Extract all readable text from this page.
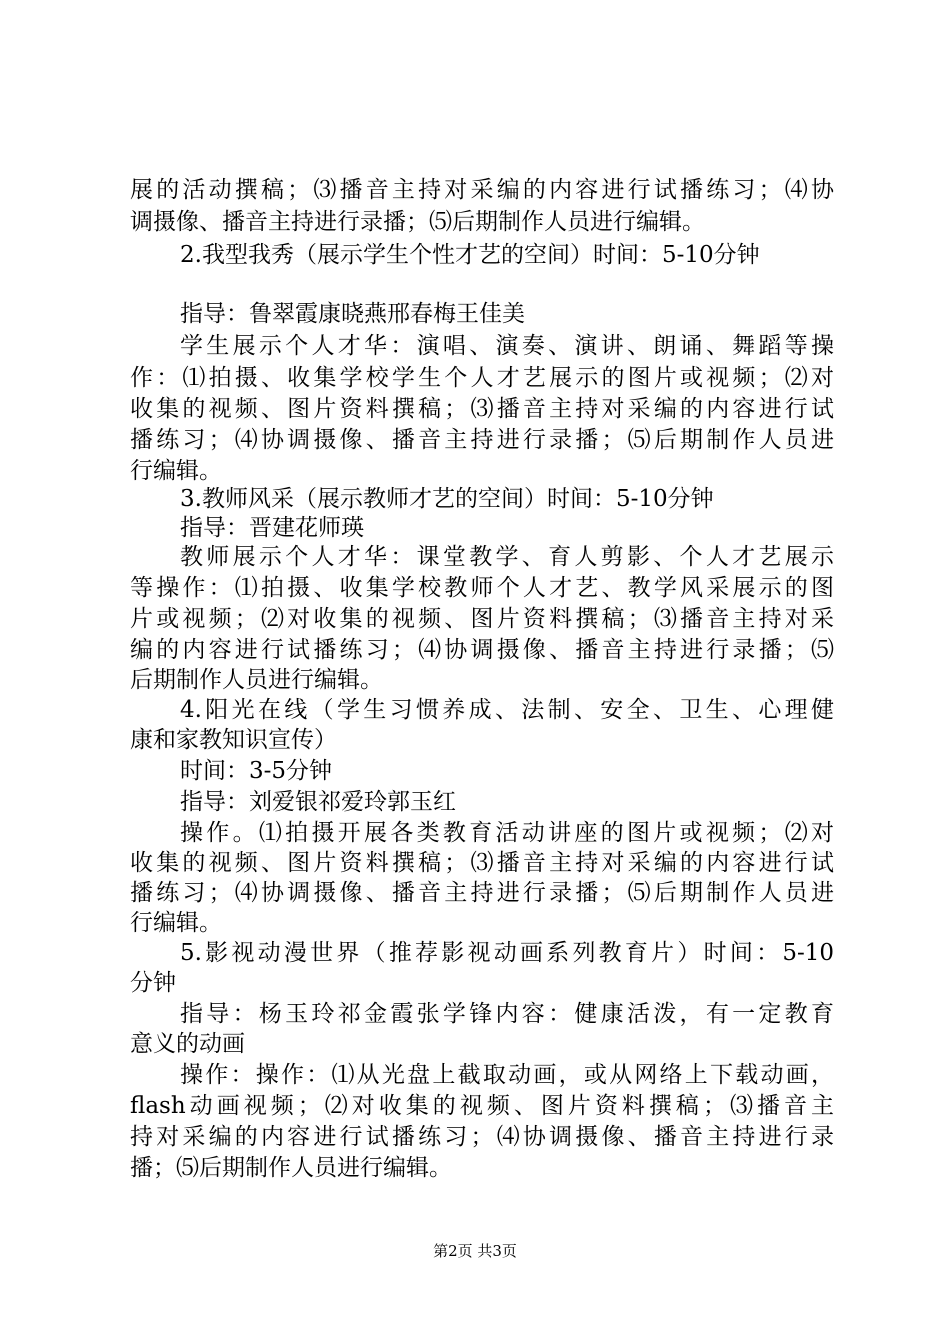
展的活动撰稿；⑶播音主持对采编的内容进行试播练习；⑷协
调摄像、播音主持进行录播；⑸后期制作人员进行编辑。
2.我型我秀（展示学生个性才艺的空间）时间：5-10分钟
指导：鲁翠霞康晓燕邢春梅王佳美
学生展示个人才华：演唱、演奏、演讲、朗诵、舞蹈等操
作：⑴拍摄、收集学校学生个人才艺展示的图片或视频；⑵对
收集的视频、图片资料撰稿；⑶播音主持对采编的内容进行试
播练习；⑷协调摄像、播音主持进行录播；⑸后期制作人员进
行编辑。
3.教师风采（展示教师才艺的空间）时间：5-10分钟
指导：晋建花师瑛
教师展示个人才华：课堂教学、育人剪影、个人才艺展示
等操作：⑴拍摄、收集学校教师个人才艺、教学风采展示的图
片或视频；⑵对收集的视频、图片资料撰稿；⑶播音主持对采
编的内容进行试播练习；⑷协调摄像、播音主持进行录播；⑸
后期制作人员进行编辑。
4.阳光在线（学生习惯养成、法制、安全、卫生、心理健
康和家教知识宣传）
时间：3-5分钟
指导：刘爱银祁爱玲郭玉红
操作。⑴拍摄开展各类教育活动讲座的图片或视频；⑵对
收集的视频、图片资料撰稿；⑶播音主持对采编的内容进行试
播练习；⑷协调摄像、播音主持进行录播；⑸后期制作人员进
行编辑。
5.影视动漫世界（推荐影视动画系列教育片）时间：5-10
分钟
指导：杨玉玲祁金霞张学锋内容：健康活泼，有一定教育
意义的动画
操作：操作：⑴从光盘上截取动画，或从网络上下载动画，
flash动画视频；⑵对收集的视频、图片资料撰稿；⑶播音主
持对采编的内容进行试播练习；⑷协调摄像、播音主持进行录
播；⑸后期制作人员进行编辑。
第2页 共3页
